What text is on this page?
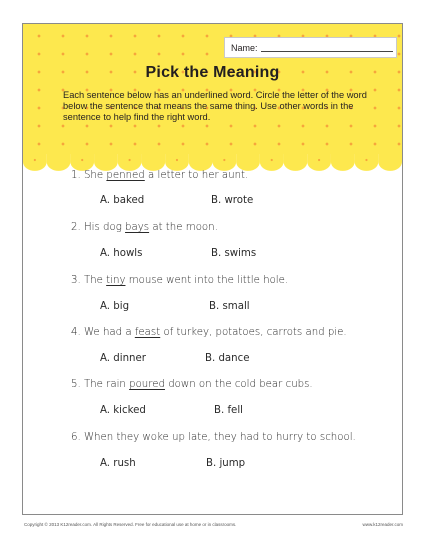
Name:
Pick the Meaning

Each sentence below has an underlined word. Circle the letter of the word below the sentence that means the same thing. Use other words in the sentence to help find the right word.

1. She penned a letter to her aunt.

A. baked	B. wrote

2. His dog bays at the moon.

A. howls	B. swims

3. The tiny mouse went into the little hole.

A. big	B. small

4. We had a feast of turkey, potatoes, carrots and pie.

A. dinner	B. dance

5. The rain poured down on the cold bear cubs.

A. kicked	B. fell

6. When they woke up late, they had to hurry to school.

A. rush	B. jump
Copyright © 2013 K12reader.com. All Rights Reserved. Free for educational use at home or in classrooms.	www.k12reader.com
